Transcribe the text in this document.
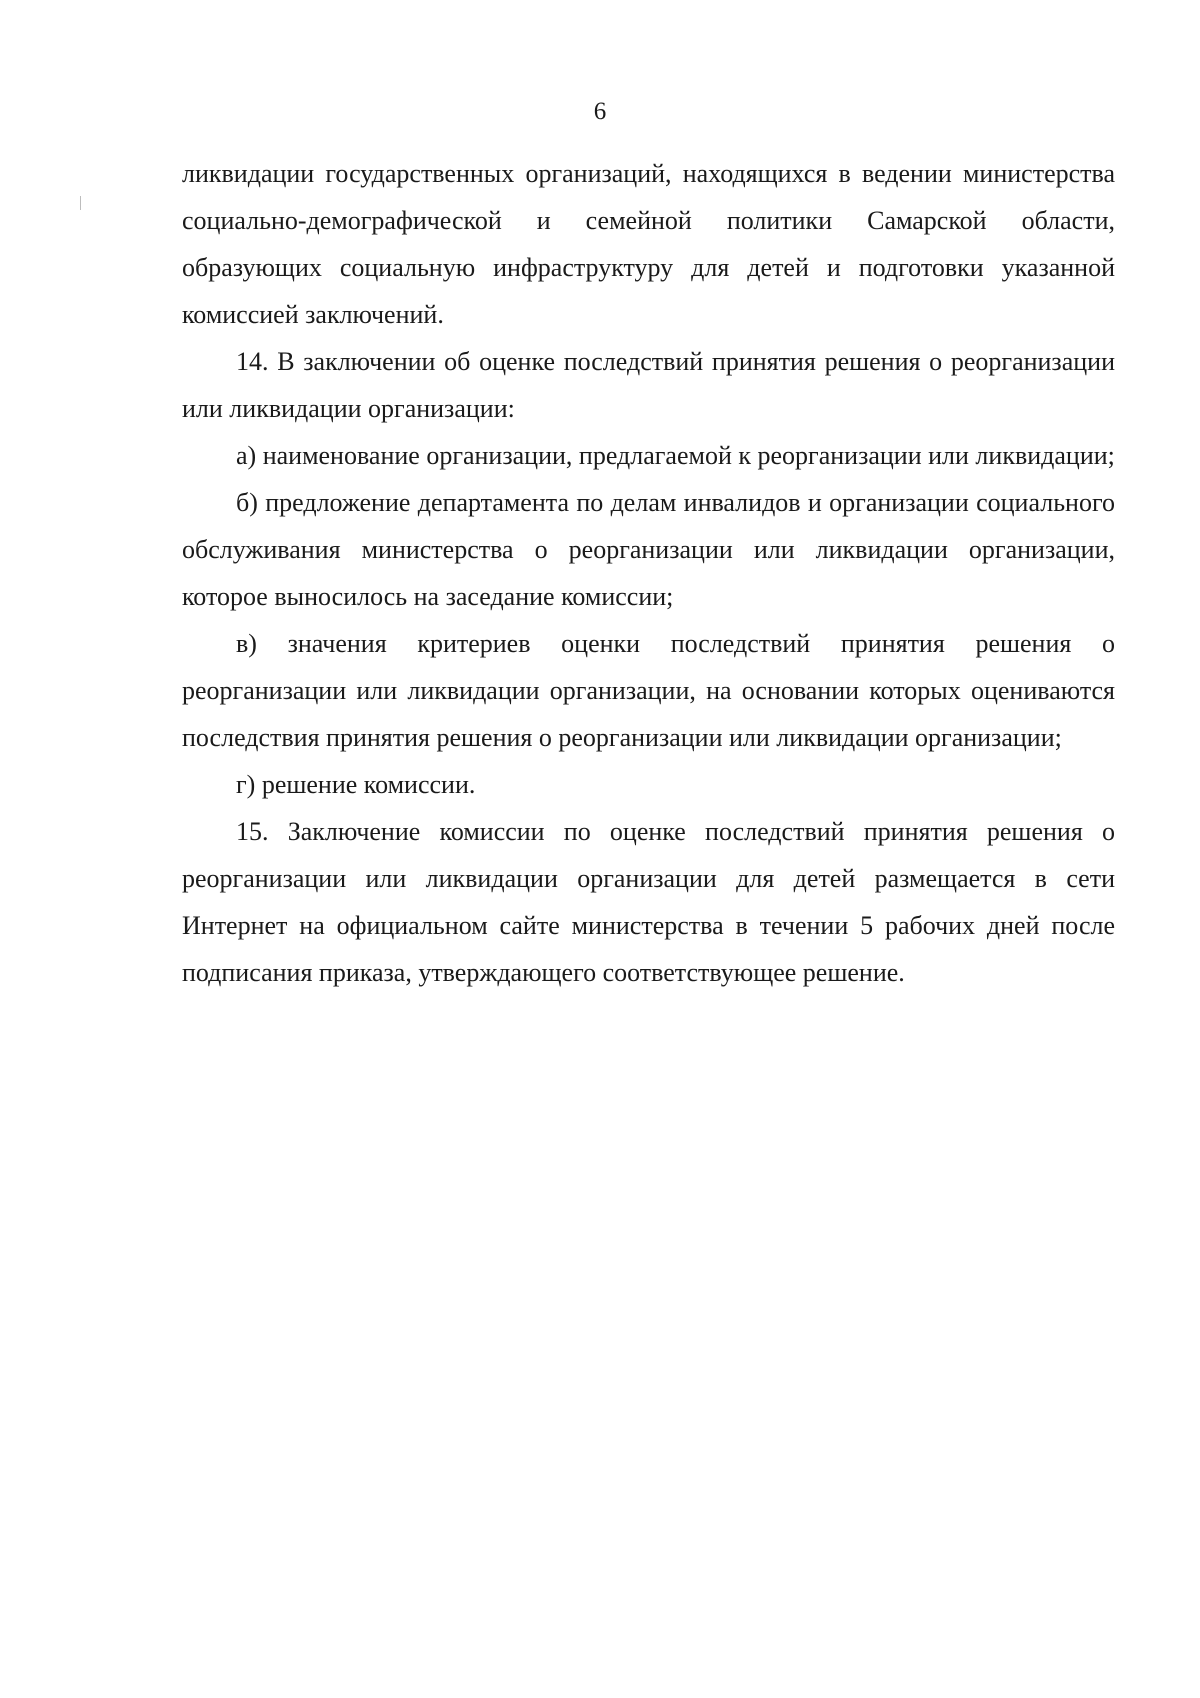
6

ликвидации государственных организаций, находящихся в ведении министерства социально-демографической и семейной политики Самарской области, образующих социальную инфраструктуру для детей и подготовки указанной комиссией заключений.

14. В заключении об оценке последствий принятия решения о реорганизации или ликвидации организации:

а) наименование организации, предлагаемой к реорганизации или ликвидации;

б) предложение департамента по делам инвалидов и организации социального обслуживания министерства о реорганизации или ликвидации организации, которое выносилось на заседание комиссии;

в) значения критериев оценки последствий принятия решения о реорганизации или ликвидации организации, на основании которых оцениваются последствия принятия решения о реорганизации или ликвидации организации;

г) решение комиссии.

15. Заключение комиссии по оценке последствий принятия решения о реорганизации или ликвидации организации для детей размещается в сети Интернет на официальном сайте министерства в течении 5 рабочих дней после подписания приказа, утверждающего соответствующее решение.
